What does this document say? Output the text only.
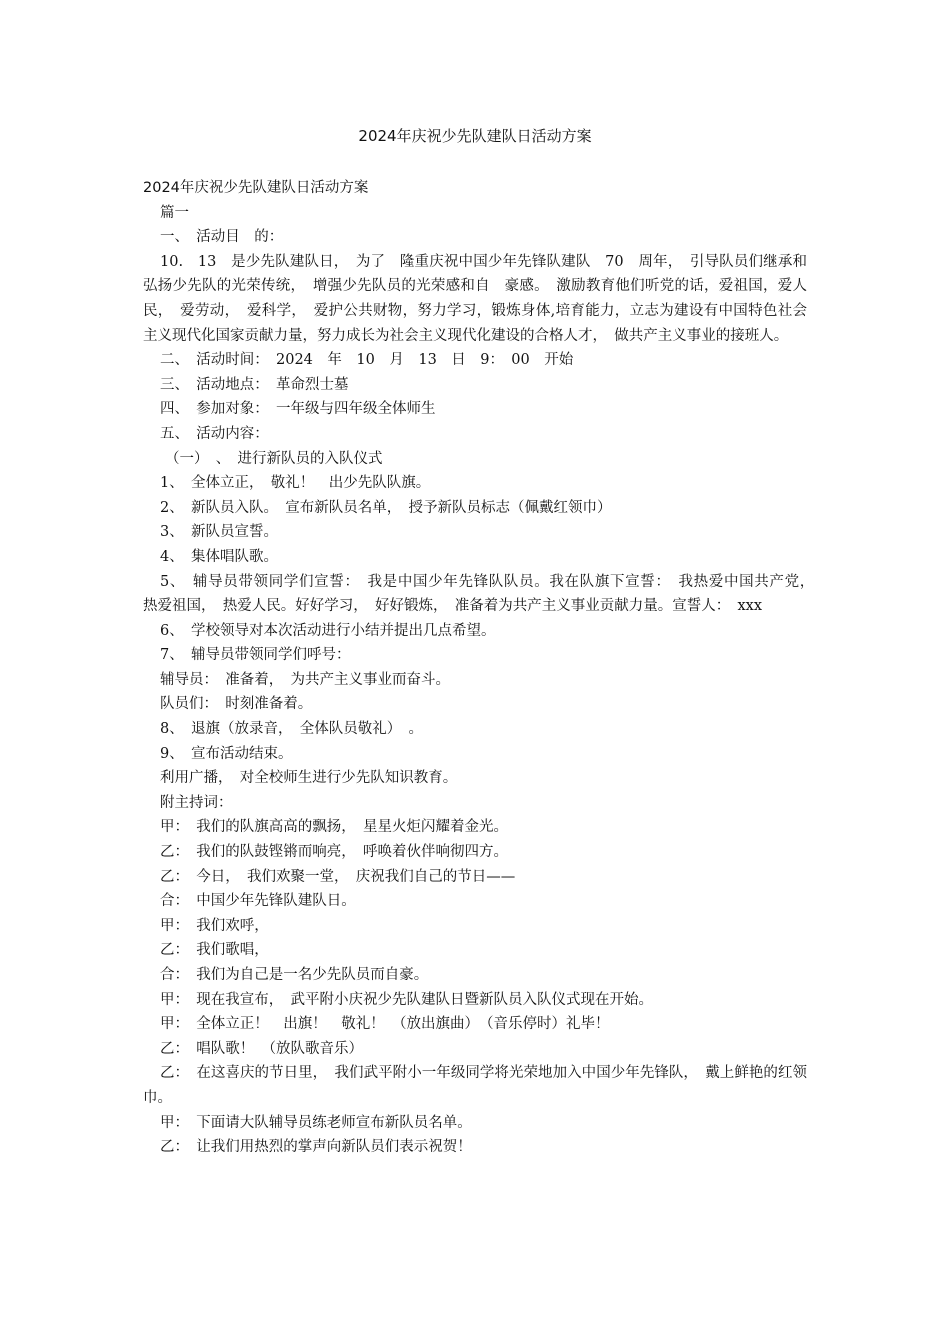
2024年庆祝少先队建队日活动方案

2024年庆祝少先队建队日活动方案

篇一

一、　活动目　的：

10.　13　是少先队建队日，　为了　隆重庆祝中国少年先锋队建队　70　周年，　引导队员们继承和弘扬少先队的光荣传统，　增强少先队员的光荣感和自　豪感。　激励教育他们听党的话，爱祖国，爱人民，　爱劳动，　爱科学，　爱护公共财物，努力学习，锻炼身体,培育能力，立志为建设有中国特色社会主义现代化国家贡献力量，努力成长为社会主义现代化建设的合格人才，　做共产主义事业的接班人。

二、　活动时间：　2024　年　10　月　13　日　9：　00　开始

三、　活动地点：　革命烈士墓

四、　参加对象：　一年级与四年级全体师生

五、　活动内容：

（一）　、　进行新队员的入队仪式

1、　全体立正，　敬礼！　出少先队队旗。

2、　新队员入队。　宣布新队员名单，　授予新队员标志（佩戴红领巾）

3、　新队员宣誓。

4、　集体唱队歌。

5、　辅导员带领同学们宣誓：　我是中国少年先锋队队员。我在队旗下宣誓：　我热爱中国共产党，　热爱祖国，　热爱人民。好好学习，　好好锻炼，　准备着为共产主义事业贡献力量。宣誓人：　xxx

6、　学校领导对本次活动进行小结并提出几点希望。

7、　辅导员带领同学们呼号：

辅导员：　准备着，　为共产主义事业而奋斗。

队员们：　时刻准备着。

8、　退旗（放录音，　全体队员敬礼）　。

9、　宣布活动结束。

利用广播，　对全校师生进行少先队知识教育。

附主持词：

甲：　我们的队旗高高的飘扬，　星星火炬闪耀着金光。

乙：　我们的队鼓铿锵而响亮，　呼唤着伙伴响彻四方。

乙：　今日，　我们欢聚一堂，　庆祝我们自己的节日——

合：　中国少年先锋队建队日。

甲：　我们欢呼，

乙：　我们歌唱，

合：　我们为自己是一名少先队员而自豪。

甲：　现在我宣布，　武平附小庆祝少先队建队日暨新队员入队仪式现在开始。

甲：　全体立正！　出旗！　敬礼！　（放出旗曲）　（音乐停时）礼毕！

乙：　唱队歌！　（放队歌音乐）

乙：　在这喜庆的节日里，　我们武平附小一年级同学将光荣地加入中国少年先锋队，　戴上鲜艳的红领巾。

甲：　下面请大队辅导员练老师宣布新队员名单。

乙：　让我们用热烈的掌声向新队员们表示祝贺！
